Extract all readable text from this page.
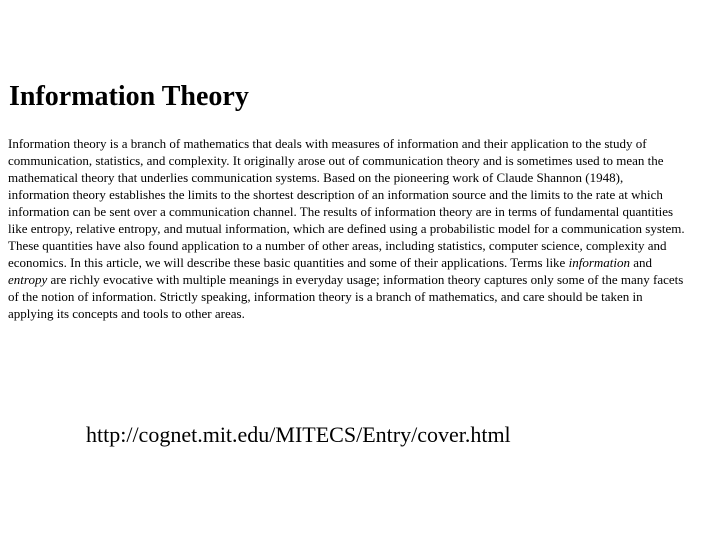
Information Theory
Information theory is a branch of mathematics that deals with measures of information and their application to the study of
communication, statistics, and complexity. It originally arose out of communication theory and is sometimes used to mean the
mathematical theory that underlies communication systems. Based on the pioneering work of Claude Shannon (1948),
information theory establishes the limits to the shortest description of an information source and the limits to the rate at which
information can be sent over a communication channel. The results of information theory are in terms of fundamental quantities
like entropy, relative entropy, and mutual information, which are defined using a probabilistic model for a communication system.
These quantities have also found application to a number of other areas, including statistics, computer science, complexity and
economics. In this article, we will describe these basic quantities and some of their applications. Terms like information and
entropy are richly evocative with multiple meanings in everyday usage; information theory captures only some of the many facets
of the notion of information. Strictly speaking, information theory is a branch of mathematics, and care should be taken in
applying its concepts and tools to other areas.
http://cognet.mit.edu/MITECS/Entry/cover.html
